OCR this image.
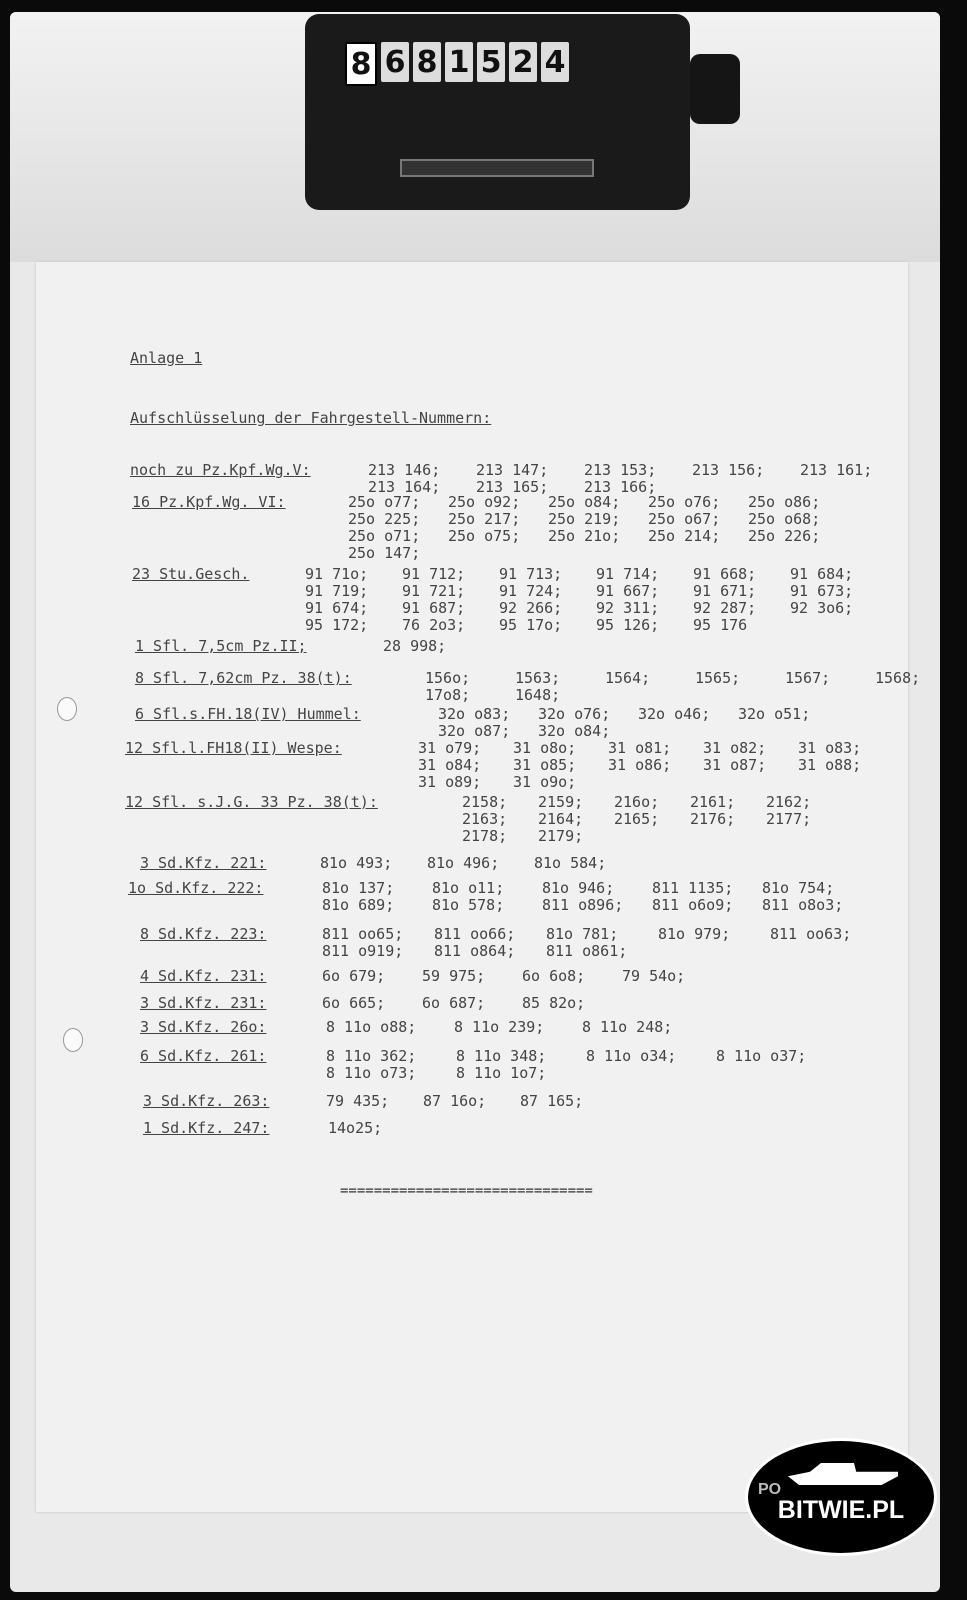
8 6 8 1 5 2 4
Anlage 1
Aufschlüsselung der Fahrgestell-Nummern:
noch zu Pz.Kpf.Wg.V:	213 146; 213 147; 213 153; 213 156; 213 161;
213 164; 213 165; 213 166;
16 Pz.Kpf.Wg. VI:	25o o77; 25o o92; 25o o84; 25o o76; 25o o86;
25o 225; 25o 217; 25o 219; 25o o67; 25o o68;
25o o71; 25o o75; 25o 21o; 25o 214; 25o 226;
25o 147;
23 Stu.Gesch.	91 71o; 91 712; 91 713; 91 714; 91 668; 91 684;
91 719; 91 721; 91 724; 91 667; 91 671; 91 673;
91 674; 91 687; 92 266; 92 311; 92 287; 92 3o6;
95 172; 76 2o3; 95 17o; 95 126; 95 176
1 Sfl. 7,5cm Pz.II;	28 998;
8 Sfl. 7,62cm Pz. 38(t):	156o;	1563;	1564;	1565;	1567;	1568;
17o8;	1648;
6 Sfl.s.FH.18(IV) Hummel:	32o o83; 32o o76; 32o o46; 32o o51;
32o o87; 32o o84;
12 Sfl.l.FH18(II) Wespe:	31 o79; 31 o8o; 31 o81; 31 o82; 31 o83;
31 o84; 31 o85; 31 o86; 31 o87; 31 o88;
31 o89; 31 o9o;
12 Sfl. s.J.G. 33 Pz. 38(t):	2158; 2159; 216o; 2161; 2162;
2163; 2164; 2165; 2176; 2177;
2178; 2179;
3 Sd.Kfz. 221:	81o 493; 81o 496; 81o 584;
1o Sd.Kfz. 222:	81o 137;	81o o11;	81o 946;	811 1135; 81o 754;
81o 689;	81o 578;	811 o896; 811 o6o9; 811 o8o3;
8 Sd.Kfz. 223:	811 oo65; 811 oo66; 81o 781;	81o 979;	811 oo63;
811 o919; 811 o864; 811 o861;
4 Sd.Kfz. 231:	6o 679; 59 975; 6o 6o8; 79 54o;
3 Sd.Kfz. 231:	6o 665; 6o 687; 85 82o;
3 Sd.Kfz. 26o:	8 11o o88;	8 11o 239;	8 11o 248;
6 Sd.Kfz. 261:	8 11o 362;	8 11o 348;	8 11o o34;	8 11o o37;
8 11o o73;	8 11o 1o7;
3 Sd.Kfz. 263:	79 435; 87 16o; 87 165;
1 Sd.Kfz. 247:	14o25;
==============================
PO
BITWIE.PL
